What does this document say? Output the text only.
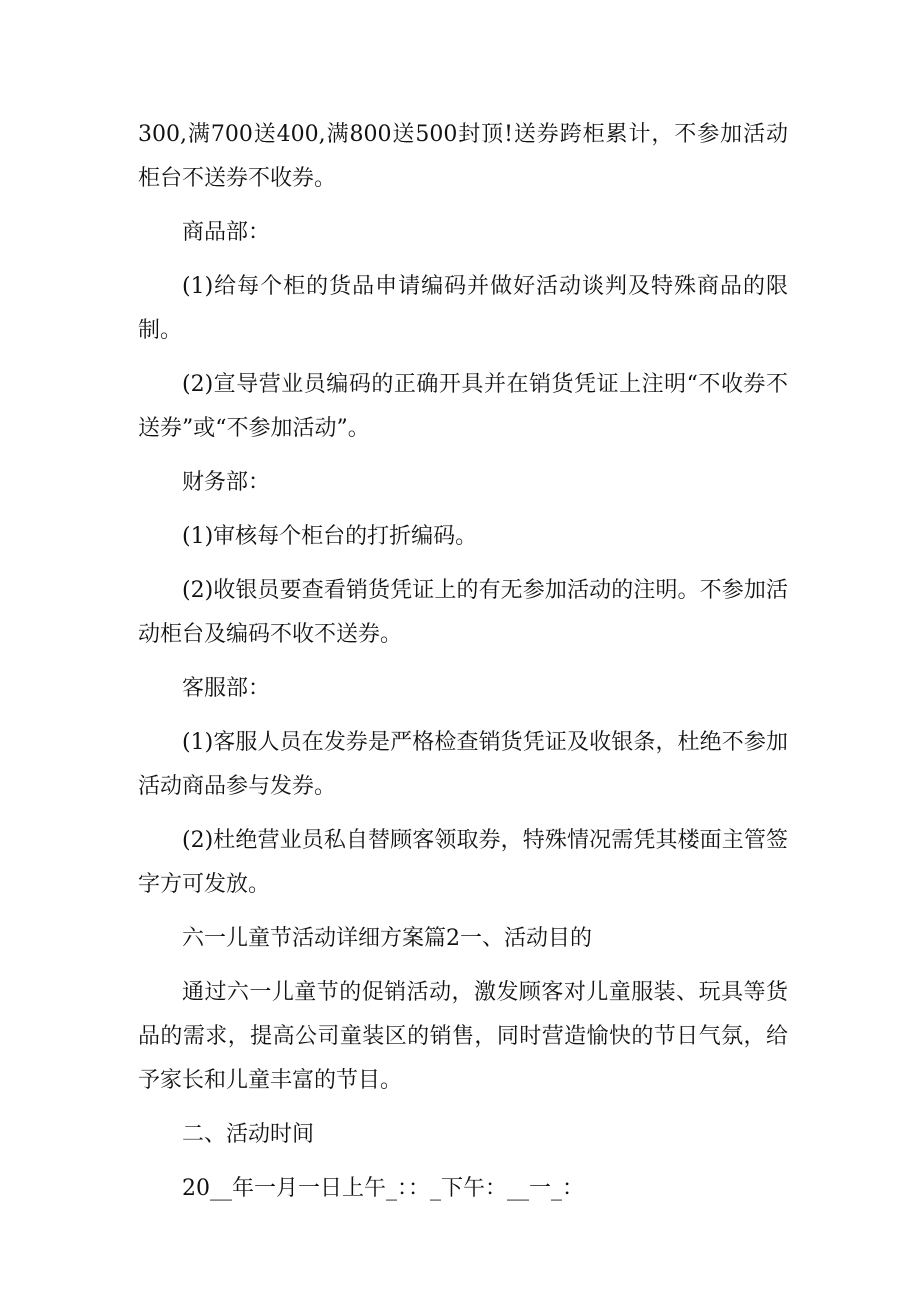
300,满700送400,满800送500封顶!送券跨柜累计，不参加活动柜台不送券不收券。

商品部：

(1)给每个柜的货品申请编码并做好活动谈判及特殊商品的限制。

(2)宣导营业员编码的正确开具并在销货凭证上注明“不收券不送券”或“不参加活动”。

财务部：

(1)审核每个柜台的打折编码。

(2)收银员要查看销货凭证上的有无参加活动的注明。不参加活动柜台及编码不收不送券。

客服部：

(1)客服人员在发券是严格检查销货凭证及收银条，杜绝不参加活动商品参与发券。

(2)杜绝营业员私自替顾客领取券，特殊情况需凭其楼面主管签字方可发放。

六一儿童节活动详细方案篇2一、活动目的

通过六一儿童节的促销活动，激发顾客对儿童服装、玩具等货品的需求，提高公司童装区的销售，同时营造愉快的节日气氛，给予家长和儿童丰富的节目。

二、活动时间

20__年一月一日上午_：：_下午：__一_：
